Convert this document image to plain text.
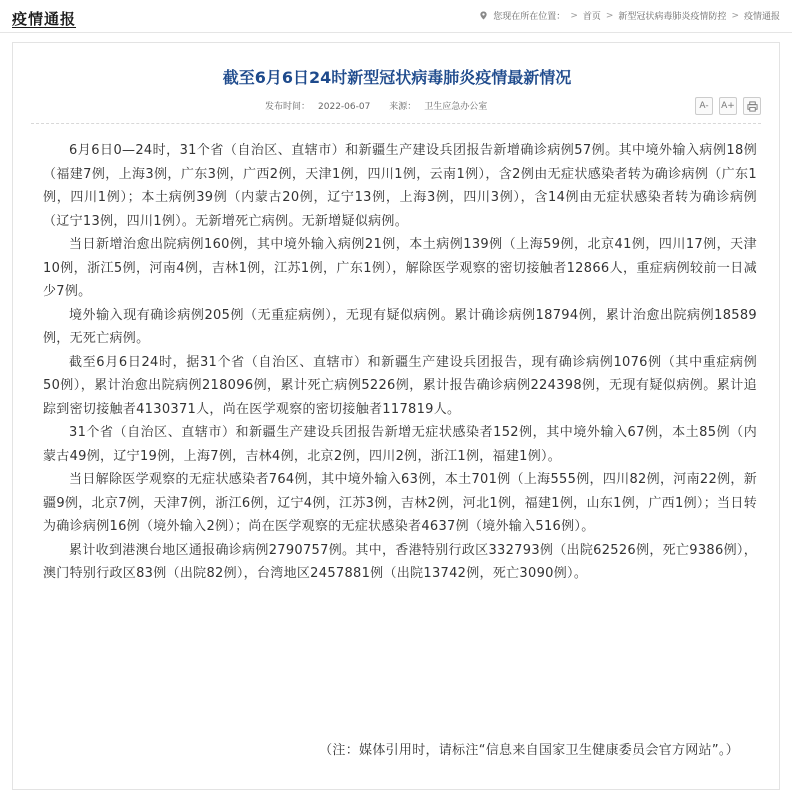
疫情通报	您现在所在位置： > 首页 > 新型冠状病毒肺炎疫情防控 > 疫情通报
截至6月6日24时新型冠状病毒肺炎疫情最新情况
发布时间： 2022-06-07 来源： 卫生应急办公室	A-	A+

6月6日0—24时，31个省（自治区、直辖市）和新疆生产建设兵团报告新增确诊病例57例。其中境外输入病例18例（福建7例，上海3例，广东3例，广西2例，天津1例，四川1例，云南1例），含2例由无症状感染者转为确诊病例（广东1例，四川1例）；本土病例39例（内蒙古20例，辽宁13例，上海3例，四川3例），含14例由无症状感染者转为确诊病例（辽宁13例，四川1例）。无新增死亡病例。无新增疑似病例。

当日新增治愈出院病例160例，其中境外输入病例21例，本土病例139例（上海59例，北京41例，四川17例，天津10例，浙江5例，河南4例，吉林1例，江苏1例，广东1例），解除医学观察的密切接触者12866人，重症病例较前一日减少7例。

境外输入现有确诊病例205例（无重症病例），无现有疑似病例。累计确诊病例18794例，累计治愈出院病例18589例，无死亡病例。

截至6月6日24时，据31个省（自治区、直辖市）和新疆生产建设兵团报告，现有确诊病例1076例（其中重症病例50例），累计治愈出院病例218096例，累计死亡病例5226例，累计报告确诊病例224398例，无现有疑似病例。累计追踪到密切接触者4130371人，尚在医学观察的密切接触者117819人。

31个省（自治区、直辖市）和新疆生产建设兵团报告新增无症状感染者152例，其中境外输入67例，本土85例（内蒙古49例，辽宁19例，上海7例，吉林4例，北京2例，四川2例，浙江1例，福建1例）。

当日解除医学观察的无症状感染者764例，其中境外输入63例，本土701例（上海555例，四川82例，河南22例，新疆9例，北京7例，天津7例，浙江6例，辽宁4例，江苏3例，吉林2例，河北1例，福建1例，山东1例，广西1例）；当日转为确诊病例16例（境外输入2例）；尚在医学观察的无症状感染者4637例（境外输入516例）。

累计收到港澳台地区通报确诊病例2790757例。其中，香港特别行政区332793例（出院62526例，死亡9386例），澳门特别行政区83例（出院82例），台湾地区2457881例（出院13742例，死亡3090例）。

（注：媒体引用时，请标注“信息来自国家卫生健康委员会官方网站”。）
